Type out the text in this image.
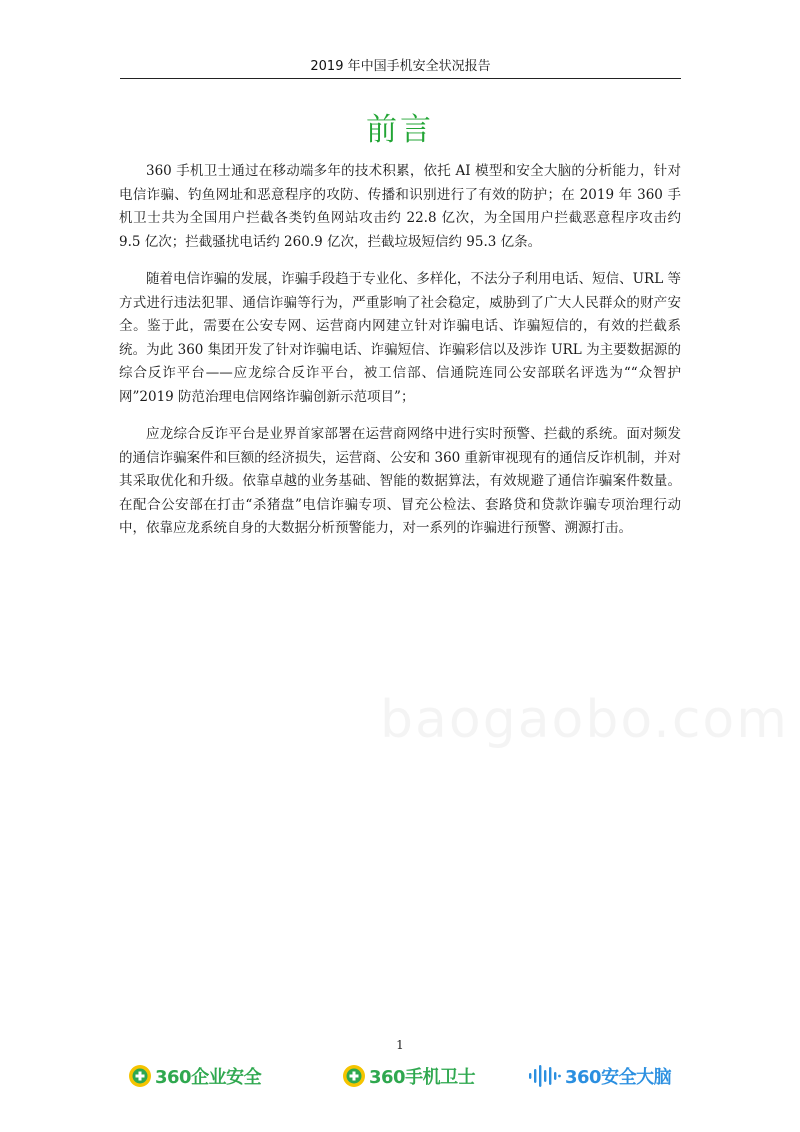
2019 年中国手机安全状况报告
前言

360 手机卫士通过在移动端多年的技术积累，依托 AI 模型和安全大脑的分析能力，针对电信诈骗、钓鱼网址和恶意程序的攻防、传播和识别进行了有效的防护；在 2019 年 360 手机卫士共为全国用户拦截各类钓鱼网站攻击约 22.8 亿次，为全国用户拦截恶意程序攻击约 9.5 亿次；拦截骚扰电话约 260.9 亿次，拦截垃圾短信约 95.3 亿条。

随着电信诈骗的发展，诈骗手段趋于专业化、多样化，不法分子利用电话、短信、URL 等方式进行违法犯罪、通信诈骗等行为，严重影响了社会稳定，威胁到了广大人民群众的财产安全。鉴于此，需要在公安专网、运营商内网建立针对诈骗电话、诈骗短信的，有效的拦截系统。为此 360 集团开发了针对诈骗电话、诈骗短信、诈骗彩信以及涉诈 URL 为主要数据源的综合反诈平台——应龙综合反诈平台，被工信部、信通院连同公安部联名评选为““众智护网”2019 防范治理电信网络诈骗创新示范项目”；

应龙综合反诈平台是业界首家部署在运营商网络中进行实时预警、拦截的系统。面对频发的通信诈骗案件和巨额的经济损失，运营商、公安和 360 重新审视现有的通信反诈机制，并对其采取优化和升级。依靠卓越的业务基础、智能的数据算法，有效规避了通信诈骗案件数量。在配合公安部在打击“杀猪盘”电信诈骗专项、冒充公检法、套路贷和贷款诈骗专项治理行动中，依靠应龙系统自身的大数据分析预警能力，对一系列的诈骗进行预警、溯源打击。

1
360企业安全	360手机卫士	360安全大脑
